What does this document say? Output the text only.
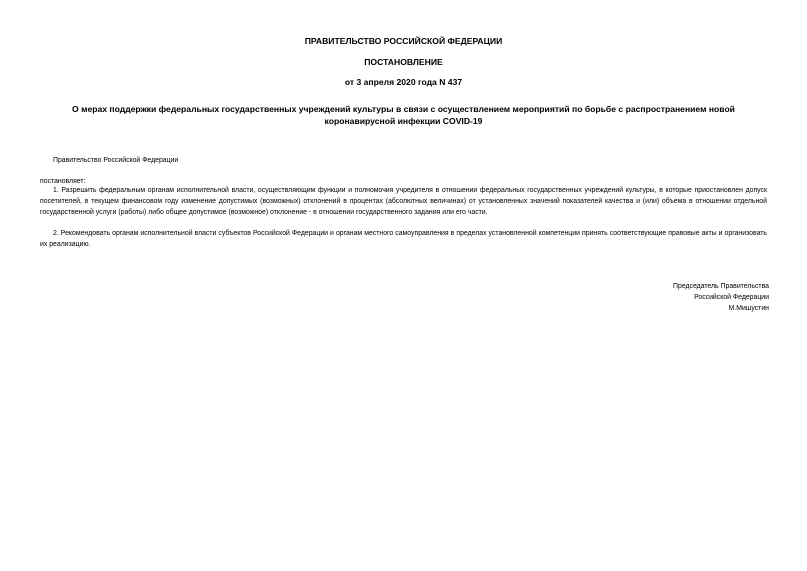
ПРАВИТЕЛЬСТВО РОССИЙСКОЙ ФЕДЕРАЦИИ
ПОСТАНОВЛЕНИЕ
от 3 апреля 2020 года N 437
О мерах поддержки федеральных государственных учреждений культуры в связи с осуществлением мероприятий по борьбе с распространением новой коронавирусной инфекции COVID-19
Правительство Российской Федерации
постановляет:
1. Разрешить федеральным органам исполнительной власти, осуществляющим функции и полномочия учредителя в отношении федеральных государственных учреждений культуры, в которые приостановлен допуск посетителей, в текущем финансовом году изменение допустимых (возможных) отклонений в процентах (абсолютных величинах) от установленных значений показателей качества и (или) объема в отношении отдельной государственной услуги (работы) либо общее допустимое (возможное) отклонение - в отношении государственного задания или его части.
2. Рекомендовать органам исполнительной власти субъектов Российской Федерации и органам местного самоуправления в пределах установленной компетенции принять соответствующие правовые акты и организовать их реализацию.
Председатель Правительства
Российской Федерации
М.Мишустин
